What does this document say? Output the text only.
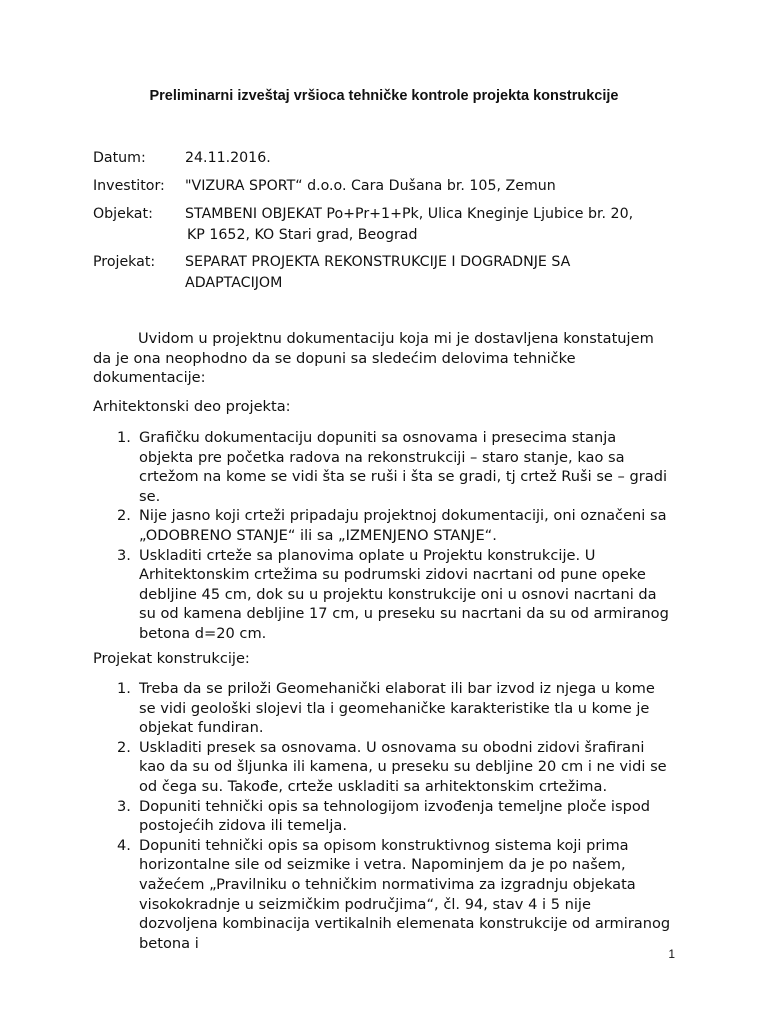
Preliminarni izveštaj vršioca tehničke kontrole projekta konstrukcije
Datum:	24.11.2016.
Investitor: "VIZURA SPORT“ d.o.o. Cara Dušana br. 105, Zemun
Objekat: STAMBENI OBJEKAT Po+Pr+1+Pk, Ulica Kneginje Ljubice br. 20,
KP 1652, KO Stari grad, Beograd
Projekat: SEPARAT PROJEKTA REKONSTRUKCIJE I DOGRADNJE SA
ADAPTACIJOM
Uvidom u projektnu dokumentaciju koja mi je dostavljena konstatujem da je ona neophodno da se dopuni sa sledećim delovima tehničke dokumentacije:
Arhitektonski deo projekta:
1. Grafičku dokumentaciju dopuniti sa osnovama i presecima stanja objekta pre početka radova na rekonstrukciji – staro stanje, kao sa crtežom na kome se vidi šta se ruši i šta se gradi, tj crtež Ruši se – gradi se.
2. Nije jasno koji crteži pripadaju projektnoj dokumentaciji, oni označeni sa „ODOBRENO STANJE“ ili sa „IZMENJENO STANJE“.
3. Uskladiti crteže sa planovima oplate u Projektu konstrukcije. U Arhitektonskim crtežima su podrumski zidovi nacrtani od pune opeke debljine 45 cm, dok su u projektu konstrukcije oni u osnovi nacrtani da su od kamena debljine 17 cm, u preseku su nacrtani da su od armiranog betona d=20 cm.
Projekat konstrukcije:
1. Treba da se priloži Geomehanički elaborat ili bar izvod iz njega u kome se vidi geološki slojevi tla i geomehaničke karakteristike tla u kome je objekat fundiran.
2. Uskladiti presek sa osnovama. U osnovama su obodni zidovi šrafirani kao da su od šljunka ili kamena, u preseku su debljine 20 cm i ne vidi se od čega su. Takođe, crteže uskladiti sa arhitektonskim crtežima.
3. Dopuniti tehnički opis sa tehnologijom izvođenja temeljne ploče ispod postojećih zidova ili temelja.
4. Dopuniti tehnički opis sa opisom konstruktivnog sistema koji prima horizontalne sile od seizmike i vetra. Napominjem da je po našem, važećem „Pravilniku o tehničkim normativima za izgradnju objekata visokokradnje u seizmičkim područjima“, čl. 94, stav 4 i 5 nije dozvoljena kombinacija vertikalnih elemenata konstrukcije od armiranog betona i
1
